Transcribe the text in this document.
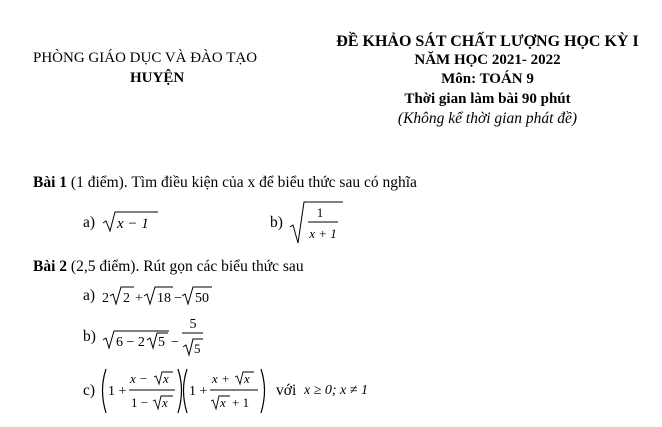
PHÒNG GIÁO DỤC VÀ ĐÀO TẠO
HUYỆN
ĐỀ KHẢO SÁT CHẤT LƯỢNG HỌC KỲ I
NĂM HỌC 2021- 2022
Môn: TOÁN 9
Thời gian làm bài 90 phút
(Không kể thời gian phát đề)
Bài 1 (1 điểm). Tìm điều kiện của x để biểu thức sau có nghĩa
a) x − 1	b)
1
x + 1
Bài 2 (2,5 điểm). Rút gọn các biểu thức sau
a) 2 2 + 18 − 50
b) 6 − 2 5 −
5
5
c) 1 +
x − x
1 − x
1 +
x + x
x + 1
với x ≥ 0; x ≠ 1
